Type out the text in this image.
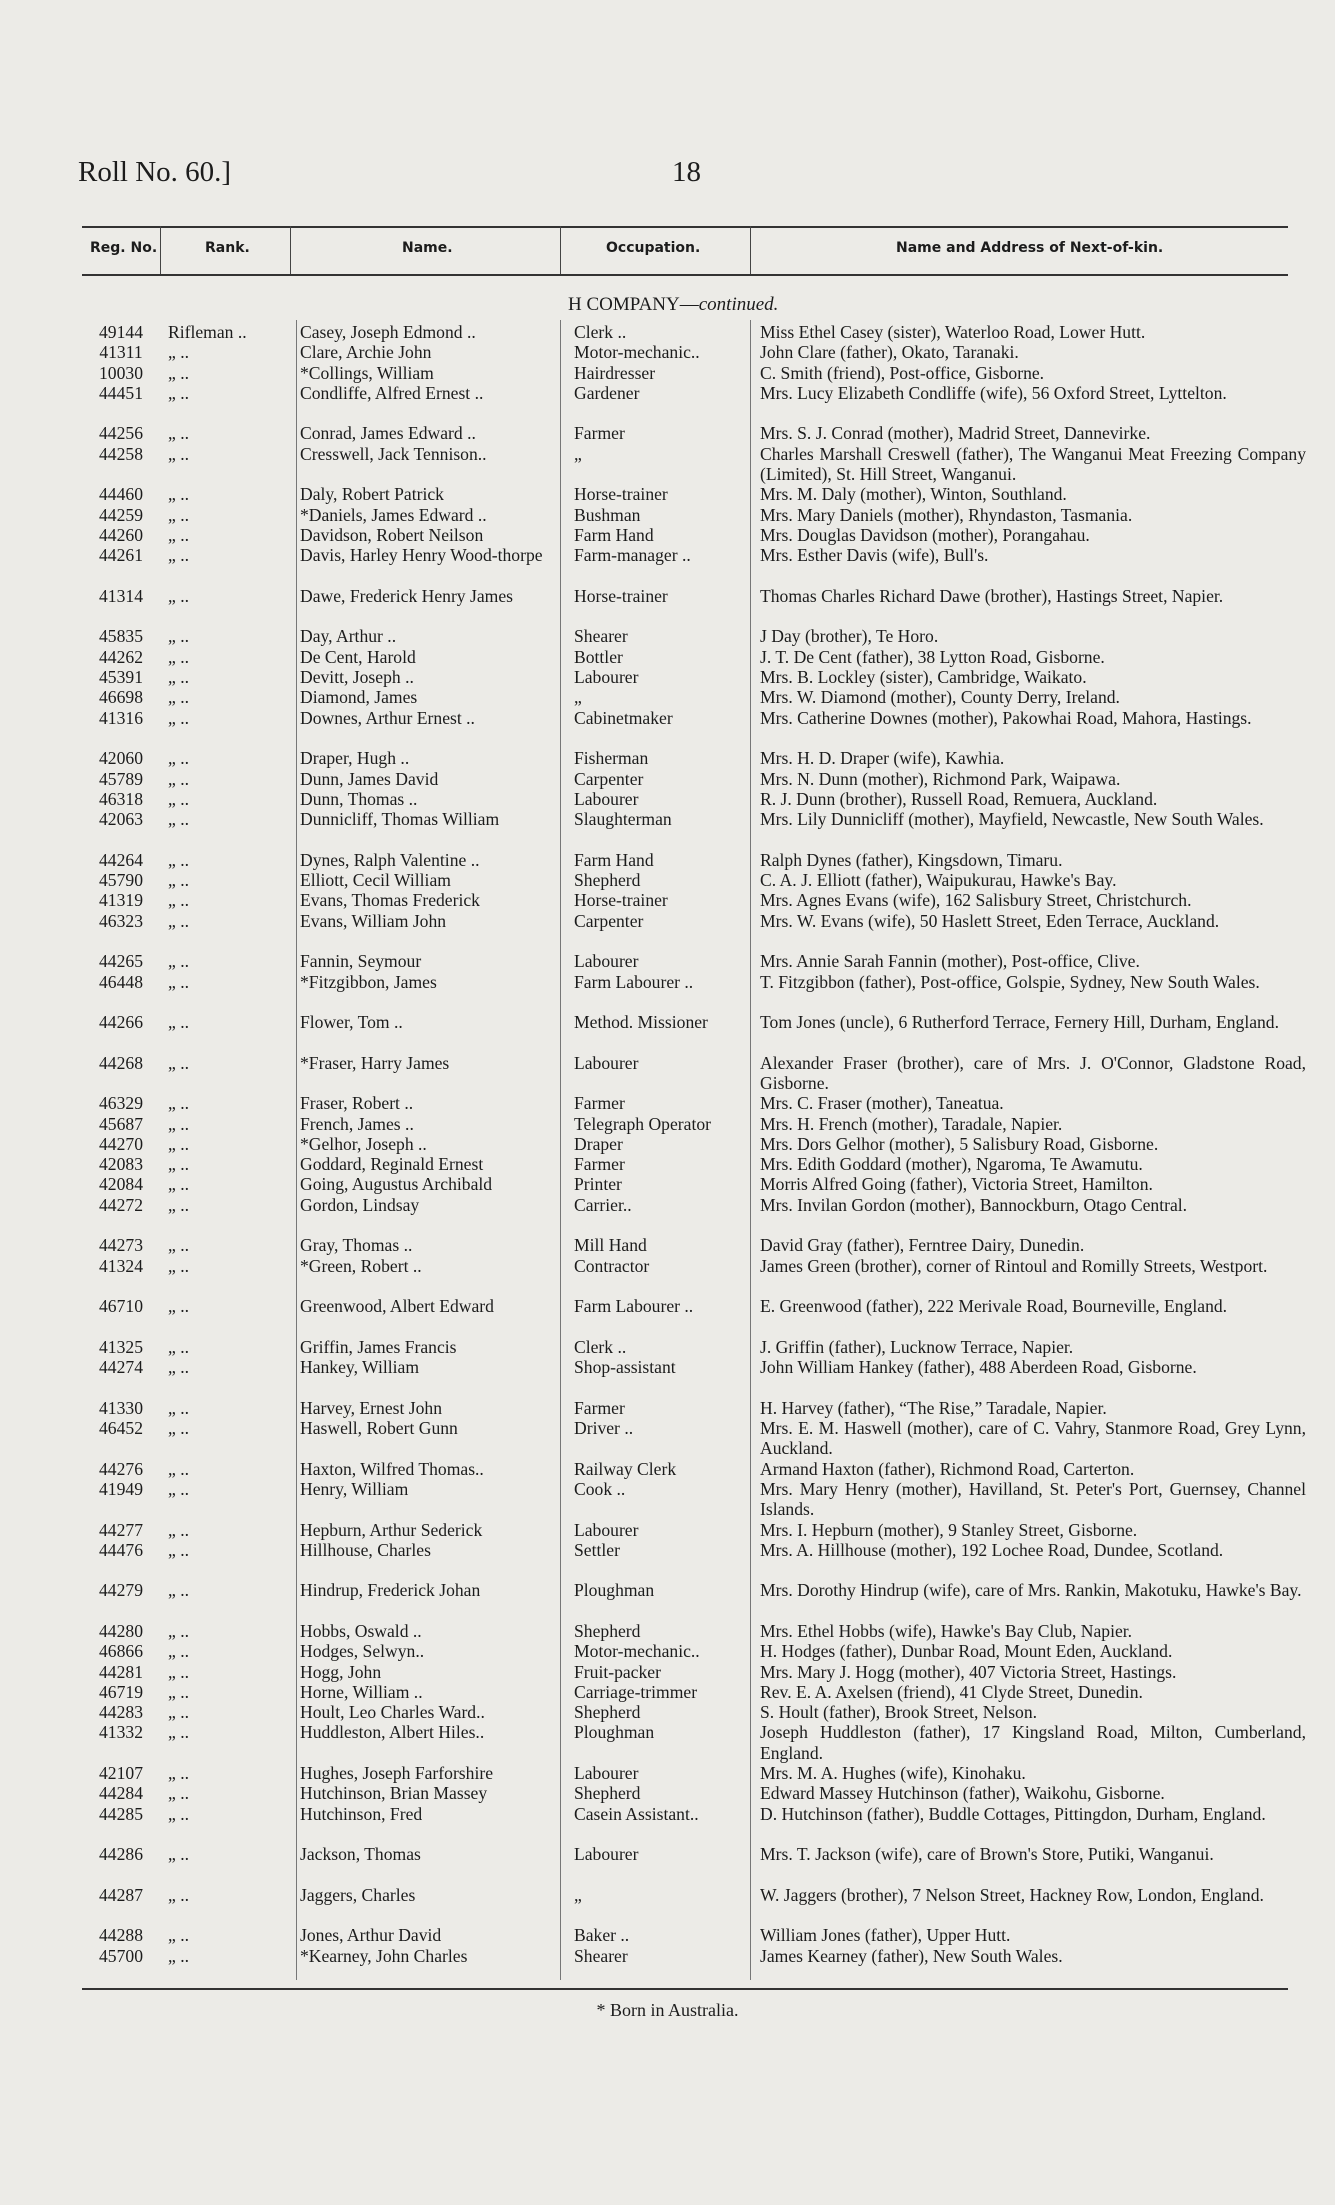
Roll No. 60.]	18
Reg. No.	Rank.	Name.	Occupation.	Name and Address of Next-of-kin.
H COMPANY—continued.
49144	Rifleman ..	Casey, Joseph Edmond ..	Clerk ..	Miss Ethel Casey (sister), Waterloo Road, Lower Hutt.
41311	„ ..	Clare, Archie John	Motor-mechanic..	John Clare (father), Okato, Taranaki.
10030	„ ..	*Collings, William	Hairdresser	C. Smith (friend), Post-office, Gisborne.
44451	„ ..	Condliffe, Alfred Ernest ..	Gardener	Mrs. Lucy Elizabeth Condliffe (wife), 56 Oxford Street, Lyttelton.
44256	„ ..	Conrad, James Edward ..	Farmer	Mrs. S. J. Conrad (mother), Madrid Street, Dannevirke.
44258	„ ..	Cresswell, Jack Tennison..	„	Charles Marshall Creswell (father), The Wanganui Meat Freezing Company (Limited), St. Hill Street, Wanganui.
44460	„ ..	Daly, Robert Patrick	Horse-trainer	Mrs. M. Daly (mother), Winton, Southland.
44259	„ ..	*Daniels, James Edward ..	Bushman	Mrs. Mary Daniels (mother), Rhyndaston, Tasmania.
44260	„ ..	Davidson, Robert Neilson	Farm Hand	Mrs. Douglas Davidson (mother), Porangahau.
44261	„ ..	Davis, Harley Henry Wood-thorpe	Farm-manager ..	Mrs. Esther Davis (wife), Bull's.
41314	„ ..	Dawe, Frederick Henry James	Horse-trainer	Thomas Charles Richard Dawe (brother), Hastings Street, Napier.
45835	„ ..	Day, Arthur ..	Shearer	J Day (brother), Te Horo.
44262	„ ..	De Cent, Harold	Bottler	J. T. De Cent (father), 38 Lytton Road, Gisborne.
45391	„ ..	Devitt, Joseph ..	Labourer	Mrs. B. Lockley (sister), Cambridge, Waikato.
46698	„ ..	Diamond, James	„	Mrs. W. Diamond (mother), County Derry, Ireland.
41316	„ ..	Downes, Arthur Ernest ..	Cabinetmaker	Mrs. Catherine Downes (mother), Pakowhai Road, Mahora, Hastings.
42060	„ ..	Draper, Hugh ..	Fisherman	Mrs. H. D. Draper (wife), Kawhia.
45789	„ ..	Dunn, James David	Carpenter	Mrs. N. Dunn (mother), Richmond Park, Waipawa.
46318	„ ..	Dunn, Thomas ..	Labourer	R. J. Dunn (brother), Russell Road, Remuera, Auckland.
42063	„ ..	Dunnicliff, Thomas William	Slaughterman	Mrs. Lily Dunnicliff (mother), Mayfield, Newcastle, New South Wales.
44264	„ ..	Dynes, Ralph Valentine ..	Farm Hand	Ralph Dynes (father), Kingsdown, Timaru.
45790	„ ..	Elliott, Cecil William	Shepherd	C. A. J. Elliott (father), Waipukurau, Hawke's Bay.
41319	„ ..	Evans, Thomas Frederick	Horse-trainer	Mrs. Agnes Evans (wife), 162 Salisbury Street, Christchurch.
46323	„ ..	Evans, William John	Carpenter	Mrs. W. Evans (wife), 50 Haslett Street, Eden Terrace, Auckland.
44265	„ ..	Fannin, Seymour	Labourer	Mrs. Annie Sarah Fannin (mother), Post-office, Clive.
46448	„ ..	*Fitzgibbon, James	Farm Labourer ..	T. Fitzgibbon (father), Post-office, Golspie, Sydney, New South Wales.
44266	„ ..	Flower, Tom ..	Method. Missioner	Tom Jones (uncle), 6 Rutherford Terrace, Fernery Hill, Durham, England.
44268	„ ..	*Fraser, Harry James	Labourer	Alexander Fraser (brother), care of Mrs. J. O'Connor, Gladstone Road, Gisborne.
46329	„ ..	Fraser, Robert ..	Farmer	Mrs. C. Fraser (mother), Taneatua.
45687	„ ..	French, James ..	Telegraph Operator	Mrs. H. French (mother), Taradale, Napier.
44270	„ ..	*Gelhor, Joseph ..	Draper	Mrs. Dors Gelhor (mother), 5 Salisbury Road, Gisborne.
42083	„ ..	Goddard, Reginald Ernest	Farmer	Mrs. Edith Goddard (mother), Ngaroma, Te Awamutu.
42084	„ ..	Going, Augustus Archibald	Printer	Morris Alfred Going (father), Victoria Street, Hamilton.
44272	„ ..	Gordon, Lindsay	Carrier..	Mrs. Invilan Gordon (mother), Bannockburn, Otago Central.
44273	„ ..	Gray, Thomas ..	Mill Hand	David Gray (father), Ferntree Dairy, Dunedin.
41324	„ ..	*Green, Robert ..	Contractor	James Green (brother), corner of Rintoul and Romilly Streets, Westport.
46710	„ ..	Greenwood, Albert Edward	Farm Labourer ..	E. Greenwood (father), 222 Merivale Road, Bourneville, England.
41325	„ ..	Griffin, James Francis	Clerk ..	J. Griffin (father), Lucknow Terrace, Napier.
44274	„ ..	Hankey, William	Shop-assistant	John William Hankey (father), 488 Aberdeen Road, Gisborne.
41330	„ ..	Harvey, Ernest John	Farmer	H. Harvey (father), “The Rise,” Taradale, Napier.
46452	„ ..	Haswell, Robert Gunn	Driver ..	Mrs. E. M. Haswell (mother), care of C. Vahry, Stanmore Road, Grey Lynn, Auckland.
44276	„ ..	Haxton, Wilfred Thomas..	Railway Clerk	Armand Haxton (father), Richmond Road, Carterton.
41949	„ ..	Henry, William	Cook ..	Mrs. Mary Henry (mother), Havilland, St. Peter's Port, Guernsey, Channel Islands.
44277	„ ..	Hepburn, Arthur Sederick	Labourer	Mrs. I. Hepburn (mother), 9 Stanley Street, Gisborne.
44476	„ ..	Hillhouse, Charles	Settler	Mrs. A. Hillhouse (mother), 192 Lochee Road, Dundee, Scotland.
44279	„ ..	Hindrup, Frederick Johan	Ploughman	Mrs. Dorothy Hindrup (wife), care of Mrs. Rankin, Makotuku, Hawke's Bay.
44280	„ ..	Hobbs, Oswald ..	Shepherd	Mrs. Ethel Hobbs (wife), Hawke's Bay Club, Napier.
46866	„ ..	Hodges, Selwyn..	Motor-mechanic..	H. Hodges (father), Dunbar Road, Mount Eden, Auckland.
44281	„ ..	Hogg, John	Fruit-packer	Mrs. Mary J. Hogg (mother), 407 Victoria Street, Hastings.
46719	„ ..	Horne, William ..	Carriage-trimmer	Rev. E. A. Axelsen (friend), 41 Clyde Street, Dunedin.
44283	„ ..	Hoult, Leo Charles Ward..	Shepherd	S. Hoult (father), Brook Street, Nelson.
41332	„ ..	Huddleston, Albert Hiles..	Ploughman	Joseph Huddleston (father), 17 Kingsland Road, Milton, Cumberland, England.
42107	„ ..	Hughes, Joseph Farforshire	Labourer	Mrs. M. A. Hughes (wife), Kinohaku.
44284	„ ..	Hutchinson, Brian Massey	Shepherd	Edward Massey Hutchinson (father), Waikohu, Gisborne.
44285	„ ..	Hutchinson, Fred	Casein Assistant..	D. Hutchinson (father), Buddle Cottages, Pittingdon, Durham, England.
44286	„ ..	Jackson, Thomas	Labourer	Mrs. T. Jackson (wife), care of Brown's Store, Putiki, Wanganui.
44287	„ ..	Jaggers, Charles	„	W. Jaggers (brother), 7 Nelson Street, Hackney Row, London, England.
44288	„ ..	Jones, Arthur David	Baker ..	William Jones (father), Upper Hutt.
45700	„ ..	*Kearney, John Charles	Shearer	James Kearney (father), New South Wales.
* Born in Australia.
